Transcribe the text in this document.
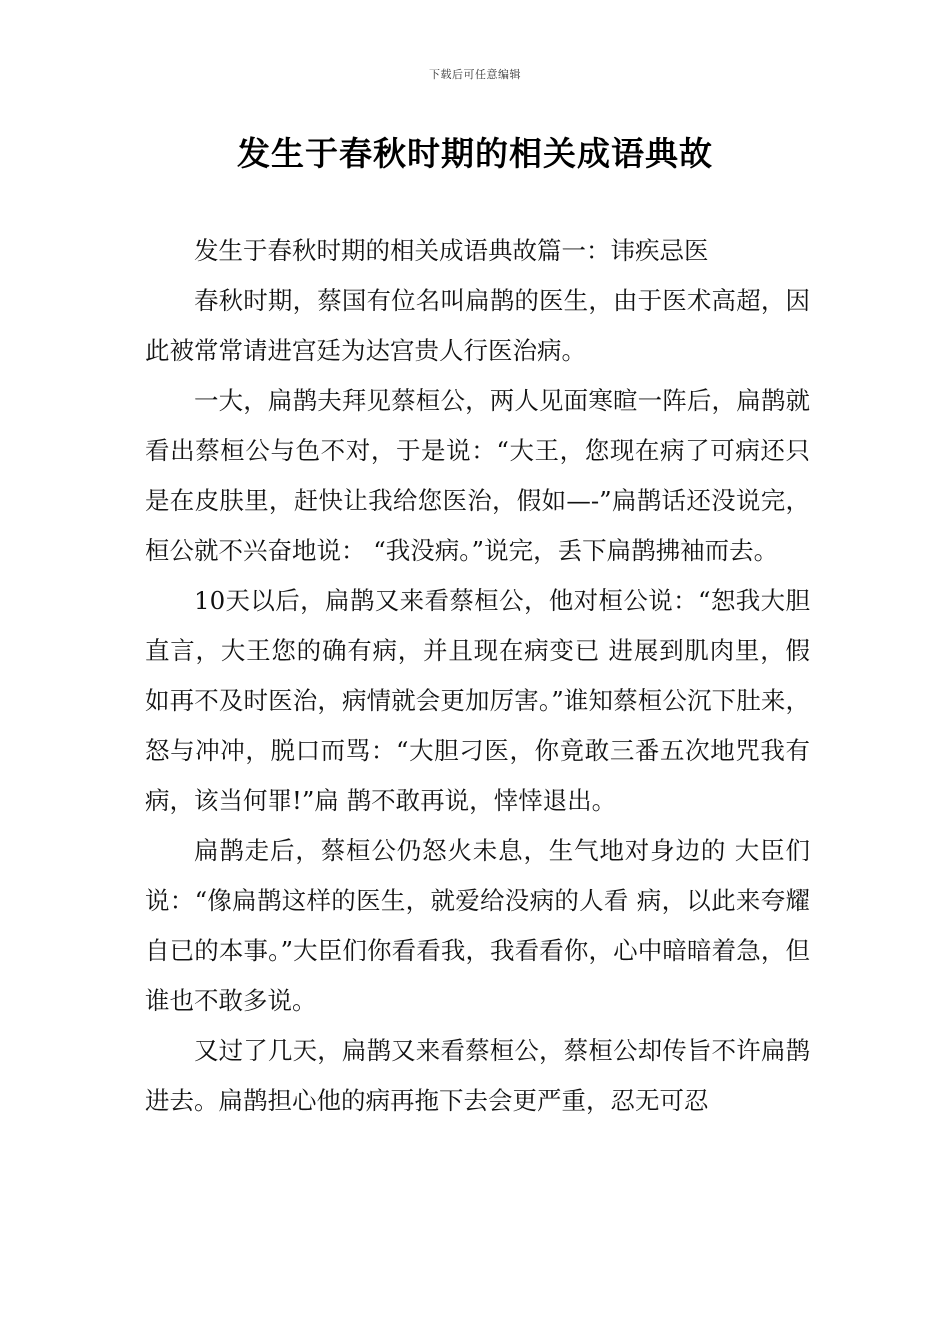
下载后可任意编辑
发生于春秋时期的相关成语典故

发生于春秋时期的相关成语典故篇一：讳疾忌医

春秋时期，蔡国有位名叫扁鹊的医生，由于医术高超，因此被常常请进宫廷为达宫贵人行医治病。

一大，扁鹊夫拜见蔡桓公，两人见面寒暄一阵后，扁鹊就看出蔡桓公与色不对，于是说：“大王，您现在病了可病还只是在皮肤里，赶快让我给您医治，假如—-”扁鹊话还没说完，桓公就不兴奋地说： “我没病。”说完，丢下扁鹊拂袖而去。

10天以后，扁鹊又来看蔡桓公，他对桓公说：“恕我大胆直言，大王您的确有病，并且现在病变已 进展到肌肉里，假如再不及时医治，病情就会更加厉害。”谁知蔡桓公沉下肚来，怒与冲冲，脱口而骂：“大胆刁医，你竟敢三番五次地咒我有病，该当何罪!”扁 鹊不敢再说，悻悻退出。

扁鹊走后，蔡桓公仍怒火未息，生气地对身边的 大臣们说：“像扁鹊这样的医生，就爱给没病的人看 病，以此来夸耀自已的本事。”大臣们你看看我，我看看你，心中暗暗着急，但谁也不敢多说。

又过了几天，扁鹊又来看蔡桓公，蔡桓公却传旨不许扁鹊进去。扁鹊担心他的病再拖下去会更严重，忍无可忍
